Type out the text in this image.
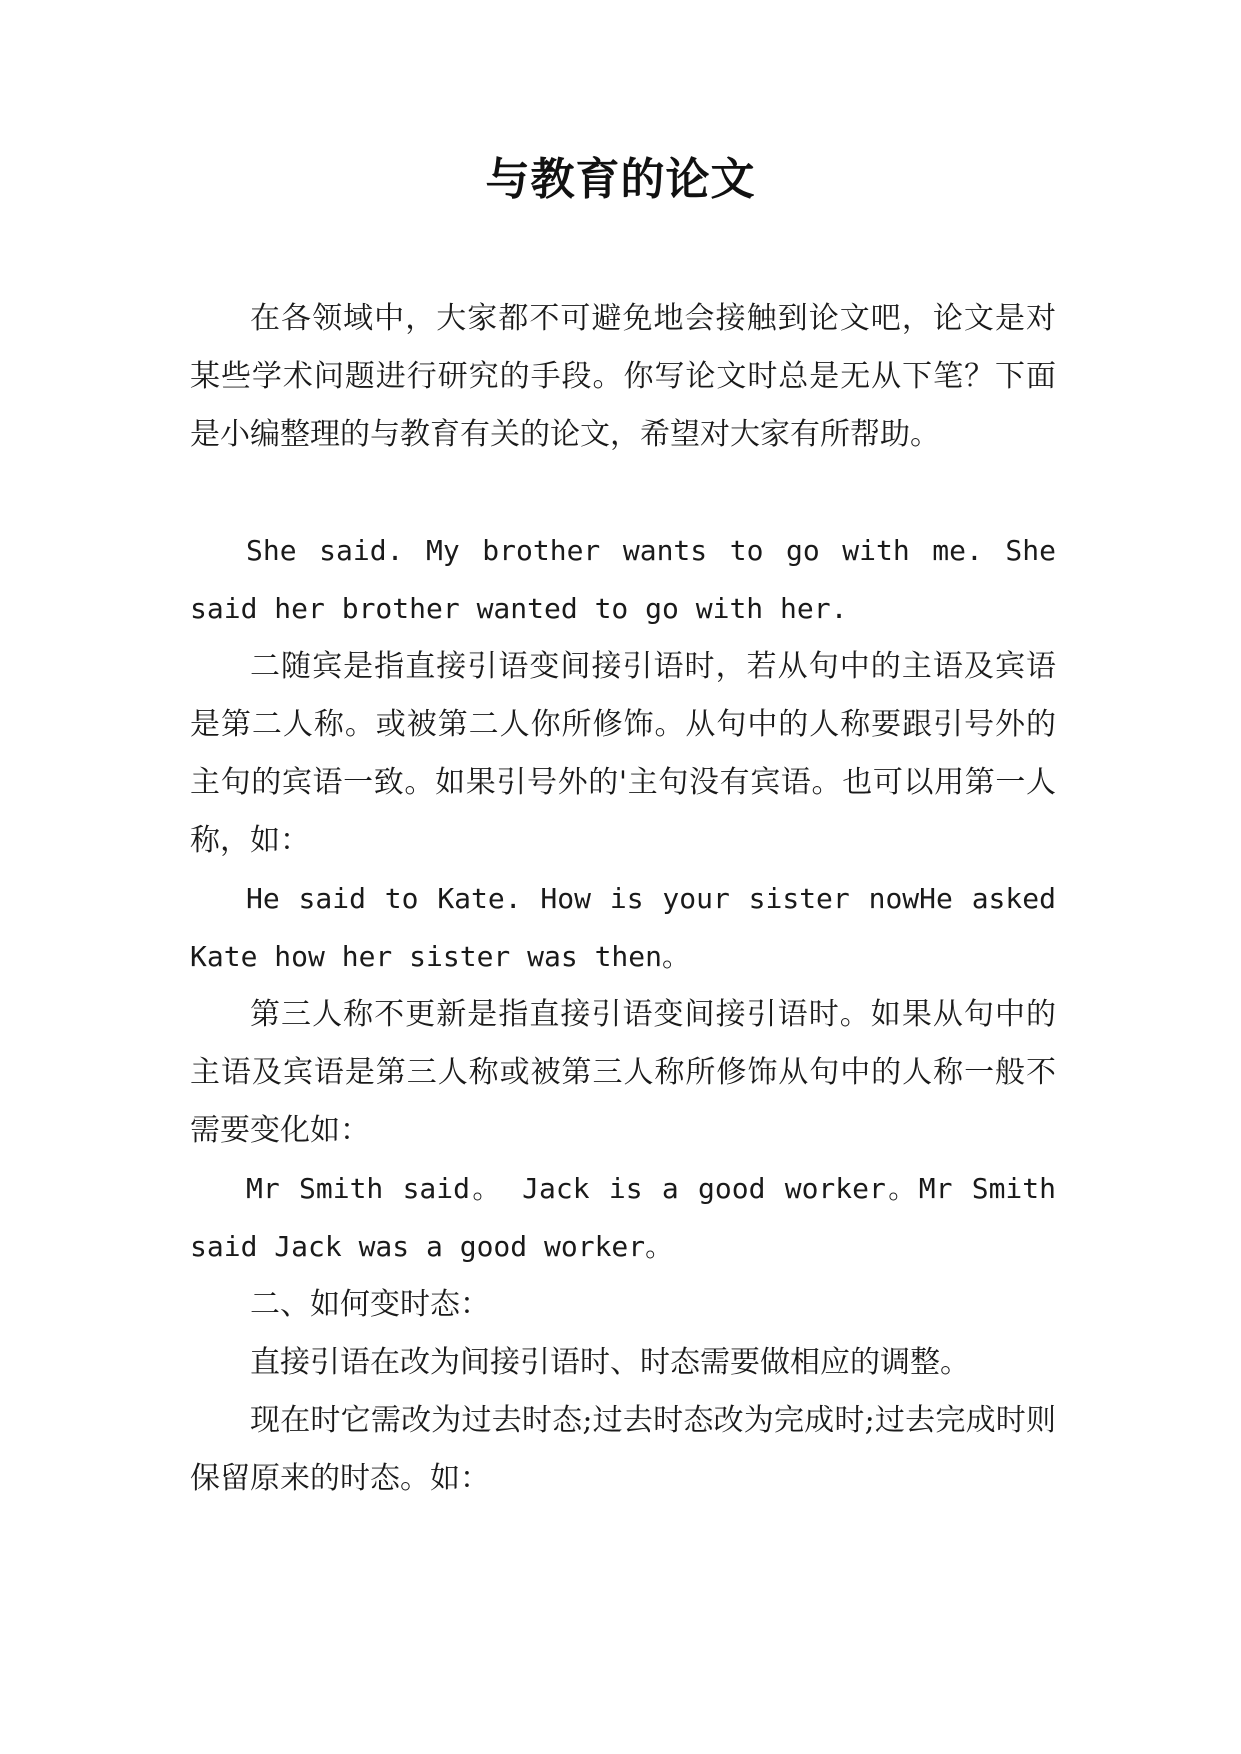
与教育的论文

在各领域中，大家都不可避免地会接触到论文吧，论文是对某些学术问题进行研究的手段。你写论文时总是无从下笔？下面是小编整理的与教育有关的论文，希望对大家有所帮助。

She said. My brother wants to go with me. She said her brother wanted to go with her.

二随宾是指直接引语变间接引语时，若从句中的主语及宾语是第二人称。或被第二人你所修饰。从句中的人称要跟引号外的主句的宾语一致。如果引号外的'主句没有宾语。也可以用第一人称，如：

He said to Kate. How is your sister nowHe asked Kate how her sister was then。

第三人称不更新是指直接引语变间接引语时。如果从句中的主语及宾语是第三人称或被第三人称所修饰从句中的人称一般不需要变化如：

Mr Smith said。 Jack is a good worker。Mr Smith said Jack was a good worker。

二、如何变时态：

直接引语在改为间接引语时、时态需要做相应的调整。

现在时它需改为过去时态;过去时态改为完成时;过去完成时则保留原来的时态。如：
